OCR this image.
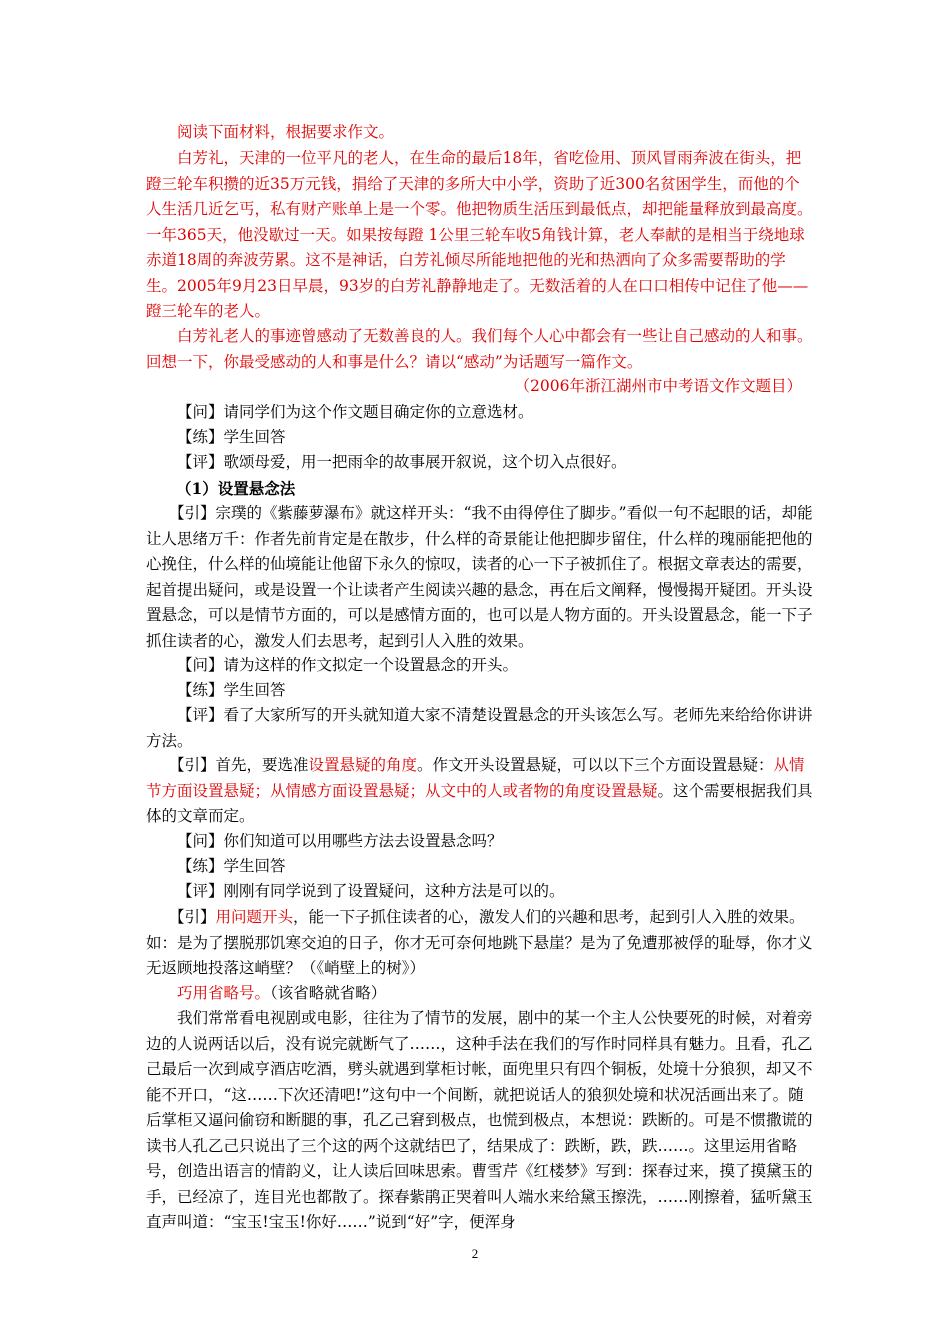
阅读下面材料，根据要求作文。

白芳礼，天津的一位平凡的老人，在生命的最后18年，省吃俭用、顶风冒雨奔波在街头，把蹬三轮车积攒的近35万元钱，捐给了天津的多所大中小学，资助了近300名贫困学生，而他的个人生活几近乞丐，私有财产账单上是一个零。他把物质生活压到最低点，却把能量释放到最高度。一年365天，他没歇过一天。如果按每蹬 1公里三轮车收5角钱计算，老人奉献的是相当于绕地球赤道18周的奔波劳累。这不是神话，白芳礼倾尽所能地把他的光和热洒向了众多需要帮助的学生。2005年9月23日早晨，93岁的白芳礼静静地走了。无数活着的人在口口相传中记住了他——蹬三轮车的老人。

白芳礼老人的事迹曾感动了无数善良的人。我们每个人心中都会有一些让自己感动的人和事。回想一下，你最受感动的人和事是什么？请以“感动”为话题写一篇作文。

（2006年浙江湖州市中考语文作文题目）

【问】请同学们为这个作文题目确定你的立意选材。

【练】学生回答

【评】歌颂母爱，用一把雨伞的故事展开叙说，这个切入点很好。

（1）设置悬念法

【引】宗璞的《紫藤萝瀑布》就这样开头：“我不由得停住了脚步。”看似一句不起眼的话，却能让人思绪万千：作者先前肯定是在散步，什么样的奇景能让他把脚步留住，什么样的瑰丽能把他的心挽住，什么样的仙境能让他留下永久的惊叹，读者的心一下子被抓住了。根据文章表达的需要，起首提出疑问，或是设置一个让读者产生阅读兴趣的悬念，再在后文阐释，慢慢揭开疑团。开头设置悬念，可以是情节方面的，可以是感情方面的，也可以是人物方面的。开头设置悬念，能一下子抓住读者的心，激发人们去思考，起到引人入胜的效果。

【问】请为这样的作文拟定一个设置悬念的开头。

【练】学生回答

【评】看了大家所写的开头就知道大家不清楚设置悬念的开头该怎么写。老师先来给给你讲讲方法。

【引】首先，要选准设置悬疑的角度。作文开头设置悬疑，可以以下三个方面设置悬疑：从情节方面设置悬疑；从情感方面设置悬疑；从文中的人或者物的角度设置悬疑。这个需要根据我们具体的文章而定。

【问】你们知道可以用哪些方法去设置悬念吗？

【练】学生回答

【评】刚刚有同学说到了设置疑问，这种方法是可以的。

【引】用问题开头，能一下子抓住读者的心，激发人们的兴趣和思考，起到引人入胜的效果。如：是为了摆脱那饥寒交迫的日子，你才无可奈何地跳下悬崖？是为了免遭那被俘的耻辱，你才义无返顾地投落这峭壁？（《峭壁上的树》）

巧用省略号。（该省略就省略）

我们常常看电视剧或电影，往往为了情节的发展，剧中的某一个主人公快要死的时候，对着旁边的人说两话以后，没有说完就断气了……，这种手法在我们的写作时同样具有魅力。且看，孔乙己最后一次到咸亨酒店吃酒，劈头就遇到掌柜讨帐，面兜里只有四个铜板，处境十分狼狈，却又不能不开口，“这……下次还清吧!”这句中一个间断，就把说话人的狼狈处境和状况活画出来了。随后掌柜又逼问偷窃和断腿的事，孔乙己窘到极点，也慌到极点，本想说：跌断的。可是不惯撒谎的读书人孔乙己只说出了三个这的两个这就结巴了，结果成了：跌断，跌，跌……。这里运用省略号，创造出语言的情韵义，让人读后回味思索。曹雪芹《红楼梦》写到：探春过来，摸了摸黛玉的手，已经凉了，连目光也都散了。探春紫鹃正哭着叫人端水来给黛玉擦洗，……刚擦着，猛听黛玉直声叫道：“宝玉!宝玉!你好……”说到“好”字，便浑身

2
